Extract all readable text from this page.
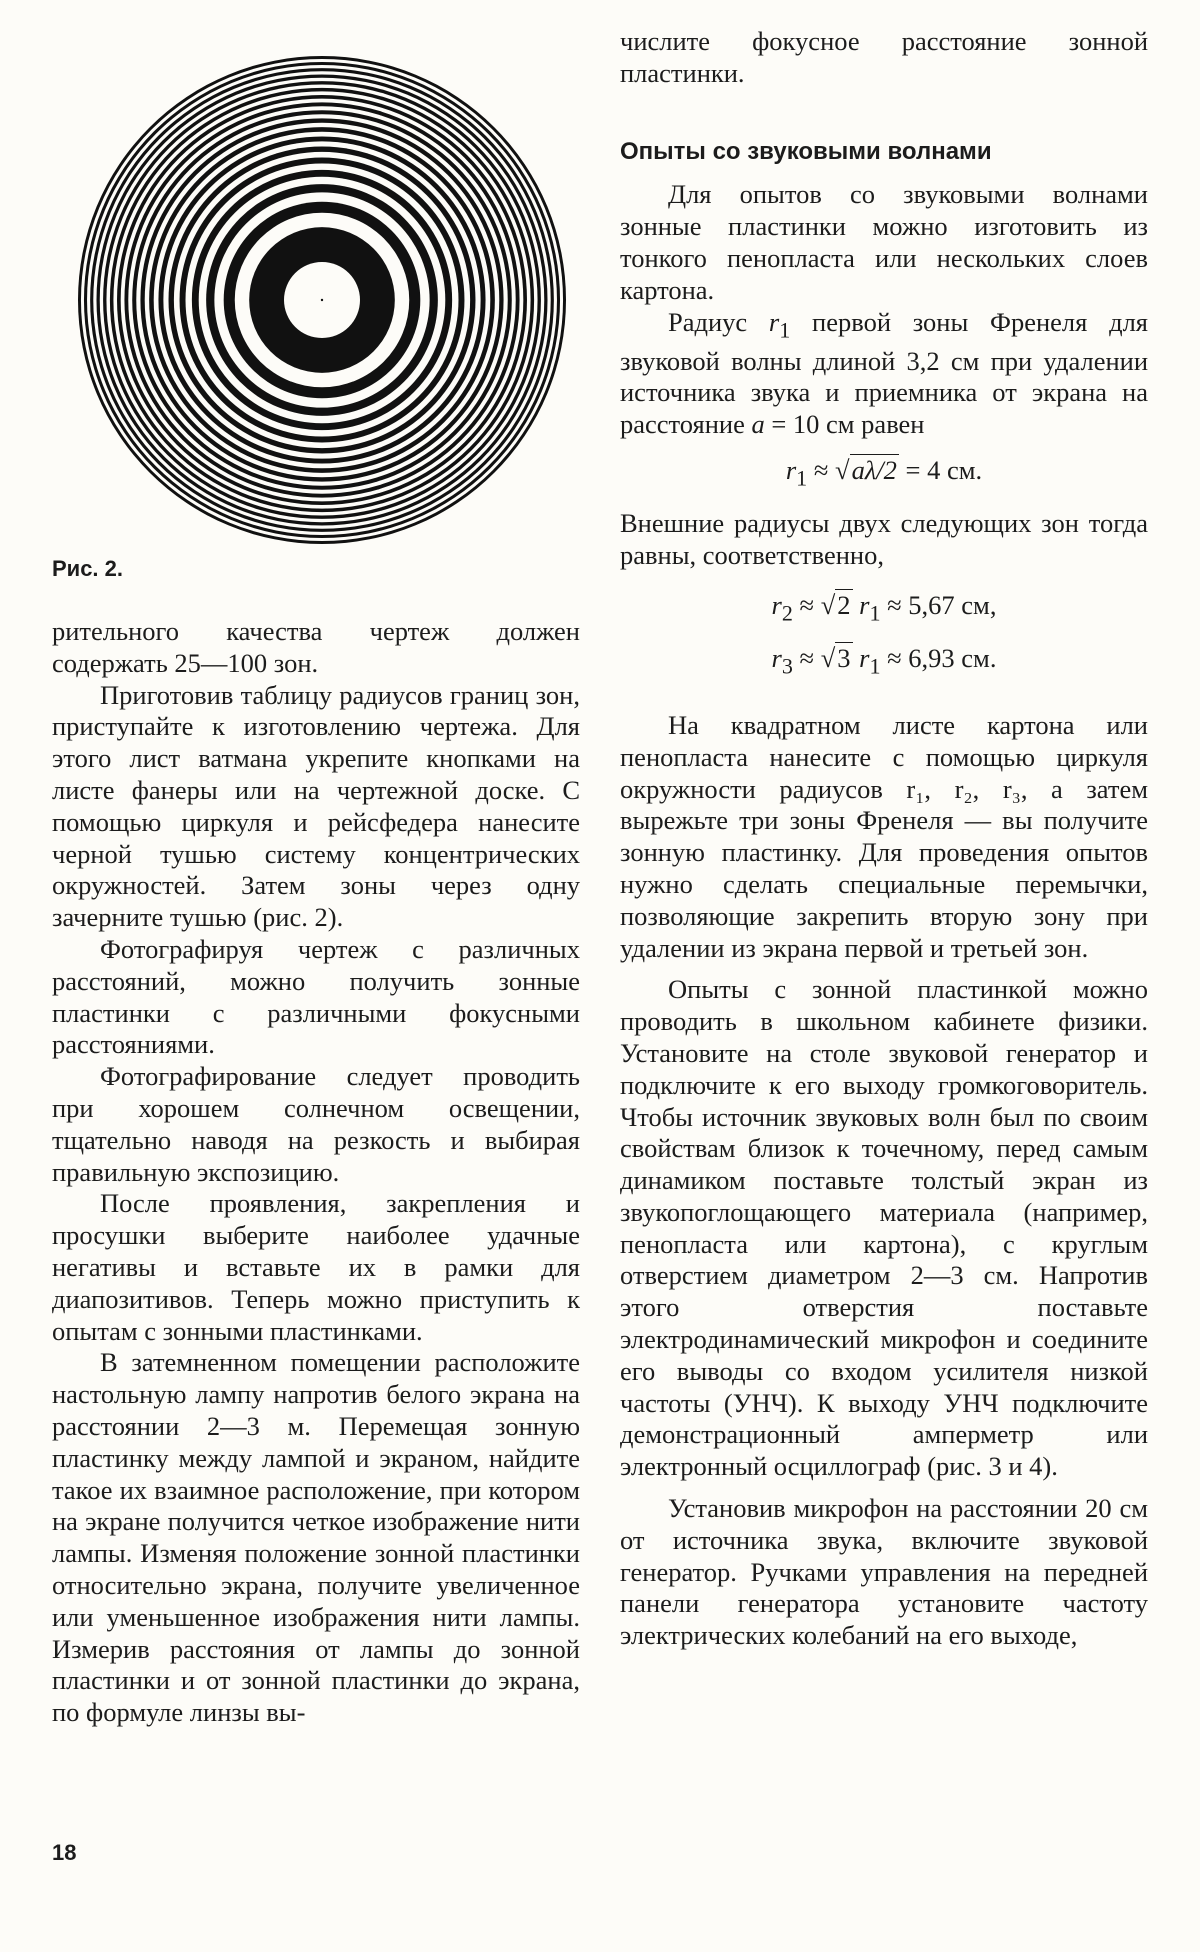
Рис. 2.

рительного качества чертеж должен содержать 25—100 зон.

Приготовив таблицу радиусов границ зон, приступайте к изготовлению чертежа. Для этого лист ватмана укрепите кнопками на листе фанеры или на чертежной доске. С помощью циркуля и рейсфедера нанесите черной тушью систему концентрических окружностей. Затем зоны через одну зачерните тушью (рис. 2).

Фотографируя чертеж с различных расстояний, можно получить зонные пластинки с различными фокусными расстояниями.

Фотографирование следует проводить при хорошем солнечном освещении, тщательно наводя на резкость и выбирая правильную экспозицию.

После проявления, закрепления и просушки выберите наиболее удачные негативы и вставьте их в рамки для диапозитивов. Теперь можно приступить к опытам с зонными пластинками.

В затемненном помещении расположите настольную лампу напротив белого экрана на расстоянии 2—3 м. Перемещая зонную пластинку между лампой и экраном, найдите такое их взаимное расположение, при котором на экране получится четкое изображение нити лампы. Изменяя положение зонной пластинки относительно экрана, получите увеличенное или уменьшенное изображения нити лампы. Измерив расстояния от лампы до зонной пластинки и от зонной пластинки до экрана, по формуле линзы вы-

числите фокусное расстояние зонной пластинки.

Опыты со звуковыми волнами

Для опытов со звуковыми волнами зонные пластинки можно изготовить из тонкого пенопласта или нескольких слоев картона.

Радиус $r_1$ первой зоны Френеля для звуковой волны длиной 3,2 см при удалении источника звука и приемника от экрана на расстояние a = 10 см равен

$r_1 \approx √a\lambda/2 = 4$ см.

Внешние радиусы двух следующих зон тогда равны, соответственно,

$r_2 \approx √2$ $r_1 \approx 5,67$ см,
$r_3 \approx √3$ $r_1 \approx 6,93$ см.

На квадратном листе картона или пенопласта нанесите с помощью циркуля окружности радиусов r₁, r₂, r₃, а затем вырежьте три зоны Френеля — вы получите зонную пластинку. Для проведения опытов нужно сделать специальные перемычки, позволяющие закрепить вторую зону при удалении из экрана первой и третьей зон.

Опыты с зонной пластинкой можно проводить в школьном кабинете физики. Установите на столе звуковой генератор и подключите к его выходу громкоговоритель. Чтобы источник звуковых волн был по своим свойствам близок к точечному, перед самым динамиком поставьте толстый экран из звукопоглощающего материала (например, пенопласта или картона), с круглым отверстием диаметром 2—3 см. Напротив этого отверстия поставьте электродинамический микрофон и соедините его выводы со входом усилителя низкой частоты (УНЧ). К выходу УНЧ подключите демонстрационный амперметр или электронный осциллограф (рис. 3 и 4).

Установив микрофон на расстоянии 20 см от источника звука, включите звуковой генератор. Ручками управления на передней панели генератора установите частоту электрических колебаний на его выходе,

18
